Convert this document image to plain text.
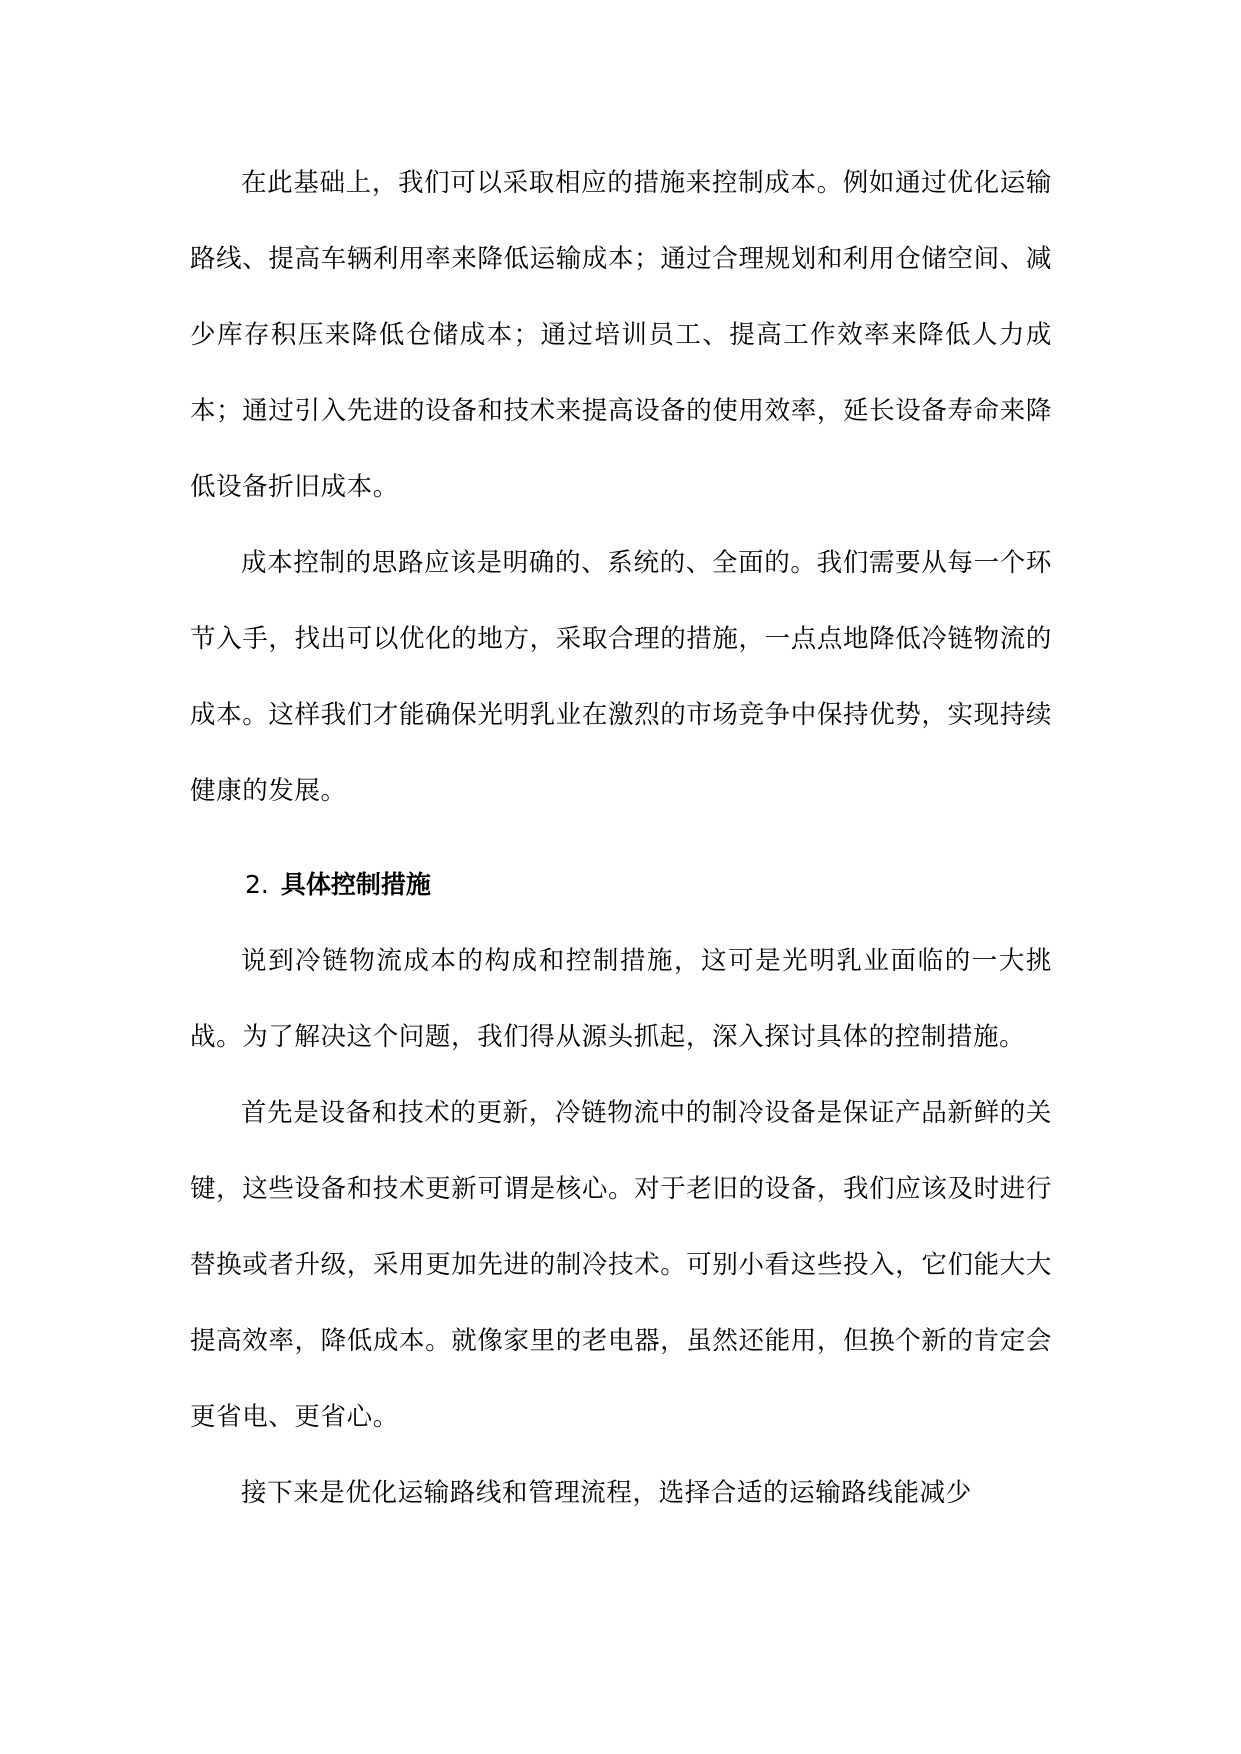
在此基础上，我们可以采取相应的措施来控制成本。例如通过优化运输路线、提高车辆利用率来降低运输成本；通过合理规划和利用仓储空间、减少库存积压来降低仓储成本；通过培训员工、提高工作效率来降低人力成本；通过引入先进的设备和技术来提高设备的使用效率，延长设备寿命来降低设备折旧成本。

成本控制的思路应该是明确的、系统的、全面的。我们需要从每一个环节入手，找出可以优化的地方，采取合理的措施，一点点地降低冷链物流的成本。这样我们才能确保光明乳业在激烈的市场竞争中保持优势，实现持续健康的发展。

2. 具体控制措施

说到冷链物流成本的构成和控制措施，这可是光明乳业面临的一大挑战。为了解决这个问题，我们得从源头抓起，深入探讨具体的控制措施。

首先是设备和技术的更新，冷链物流中的制冷设备是保证产品新鲜的关键，这些设备和技术更新可谓是核心。对于老旧的设备，我们应该及时进行替换或者升级，采用更加先进的制冷技术。可别小看这些投入，它们能大大提高效率，降低成本。就像家里的老电器，虽然还能用，但换个新的肯定会更省电、更省心。

接下来是优化运输路线和管理流程，选择合适的运输路线能减少
